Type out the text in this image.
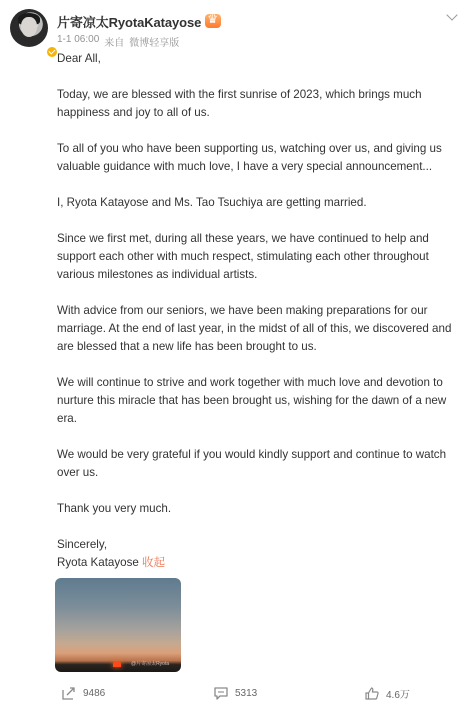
片寄凉太RyotaKatayose
♛
1-1 06:00 来自 微博轻享版

Dear All,

Today, we are blessed with the first sunrise of 2023, which brings much happiness and joy to all of us.

To all of you who have been supporting us, watching over us, and giving us valuable guidance with much love, I have a very special announcement...

I, Ryota Katayose and Ms. Tao Tsuchiya are getting married.

Since we first met, during all these years, we have continued to help and support each other with much respect, stimulating each other throughout various milestones as individual artists.

With advice from our seniors, we have been making preparations for our marriage. At the end of last year, in the midst of all of this, we discovered and are blessed that a new life has been brought to us.

We will continue to strive and work together with much love and devotion to nurture this miracle that has been brought us, wishing for the dawn of a new era.

We would be very grateful if you would kindly support and continue to watch over us.

Thank you very much.

Sincerely,

Ryota Katayose 收起

@片寄凉太Ryota
9486	5313	4.6万
